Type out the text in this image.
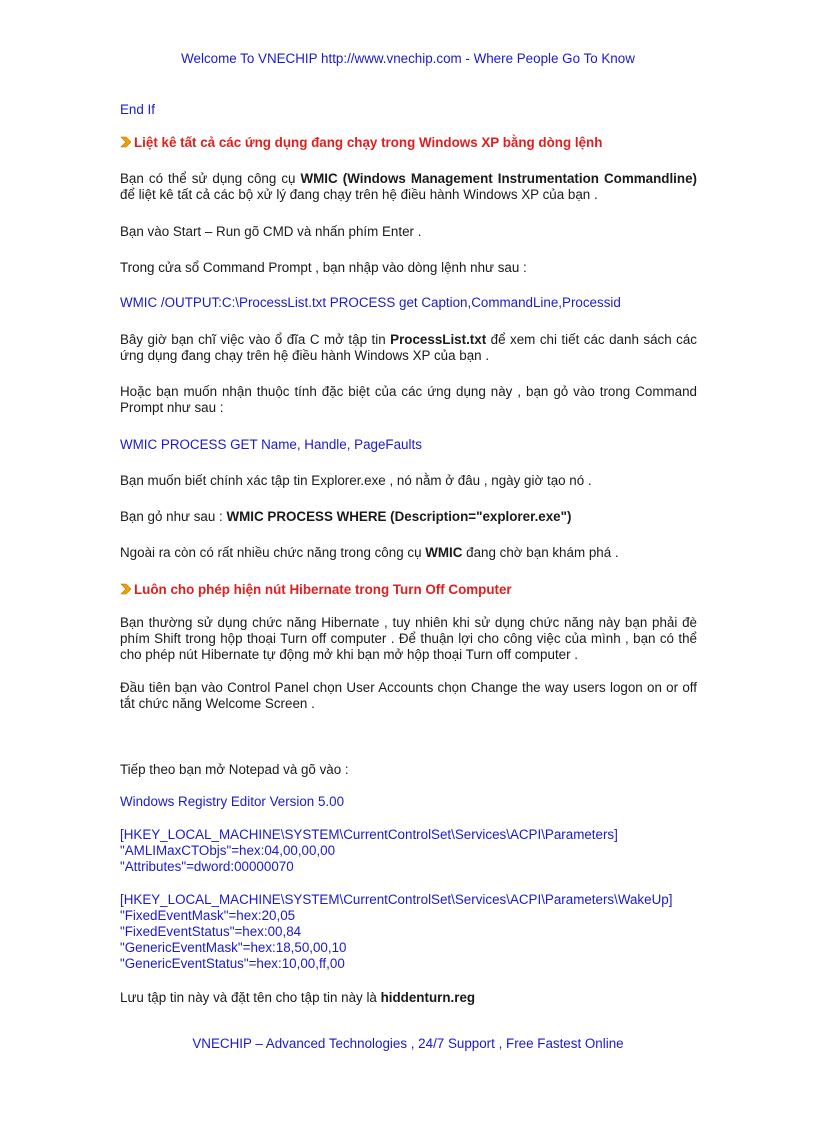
Welcome To VNECHIP http://www.vnechip.com - Where People Go To Know
End If
Liệt kê tất cả các ứng dụng đang chạy trong Windows XP bằng dòng lệnh
Bạn có thể sử dụng công cụ WMIC (Windows Management Instrumentation Commandline) để liệt kê tất cả các bộ xử lý đang chạy trên hệ điều hành Windows XP của bạn .
Bạn vào Start – Run gõ CMD và nhấn phím Enter .
Trong cửa sổ Command Prompt , bạn nhập vào dòng lệnh như sau :
WMIC /OUTPUT:C:\ProcessList.txt PROCESS get Caption,CommandLine,Processid
Bây giờ bạn chĩ việc vào ổ đĩa C mở tập tin ProcessList.txt để xem chi tiết các danh sách các ứng dụng đang chạy trên hệ điều hành Windows XP của bạn .
Hoặc bạn muốn nhận thuộc tính đặc biệt của các ứng dụng này , bạn gỏ vào trong Command Prompt như sau :
WMIC PROCESS GET Name, Handle, PageFaults
Bạn muốn biết chính xác tập tin Explorer.exe , nó nằm ở đâu , ngày giờ tạo nó .
Bạn gỏ như sau : WMIC PROCESS WHERE (Description="explorer.exe")
Ngoài ra còn có rất nhiều chức năng trong công cụ WMIC đang chờ bạn khám phá .
Luôn cho phép hiện nút Hibernate trong Turn Off Computer
Bạn thường sử dụng chức năng Hibernate , tuy nhiên khi sử dụng chức năng này bạn phải đè phím Shift trong hộp thoại Turn off computer . Để thuận lợi cho công việc của mình , bạn có thể cho phép nút Hibernate tự động mở khi bạn mở hộp thoại Turn off computer .
Đầu tiên bạn vào Control Panel chọn User Accounts chọn Change the way users logon on or off tắt chức năng Welcome Screen .
Tiếp theo bạn mở Notepad và gõ vào :
Windows Registry Editor Version 5.00
[HKEY_LOCAL_MACHINE\SYSTEM\CurrentControlSet\Services\ACPI\Parameters]
"AMLIMaxCTObjs"=hex:04,00,00,00
"Attributes"=dword:00000070
[HKEY_LOCAL_MACHINE\SYSTEM\CurrentControlSet\Services\ACPI\Parameters\WakeUp]
"FixedEventMask"=hex:20,05
"FixedEventStatus"=hex:00,84
"GenericEventMask"=hex:18,50,00,10
"GenericEventStatus"=hex:10,00,ff,00
Lưu tập tin này và đặt tên cho tập tin này là hiddenturn.reg
VNECHIP – Advanced Technologies , 24/7 Support , Free Fastest Online
